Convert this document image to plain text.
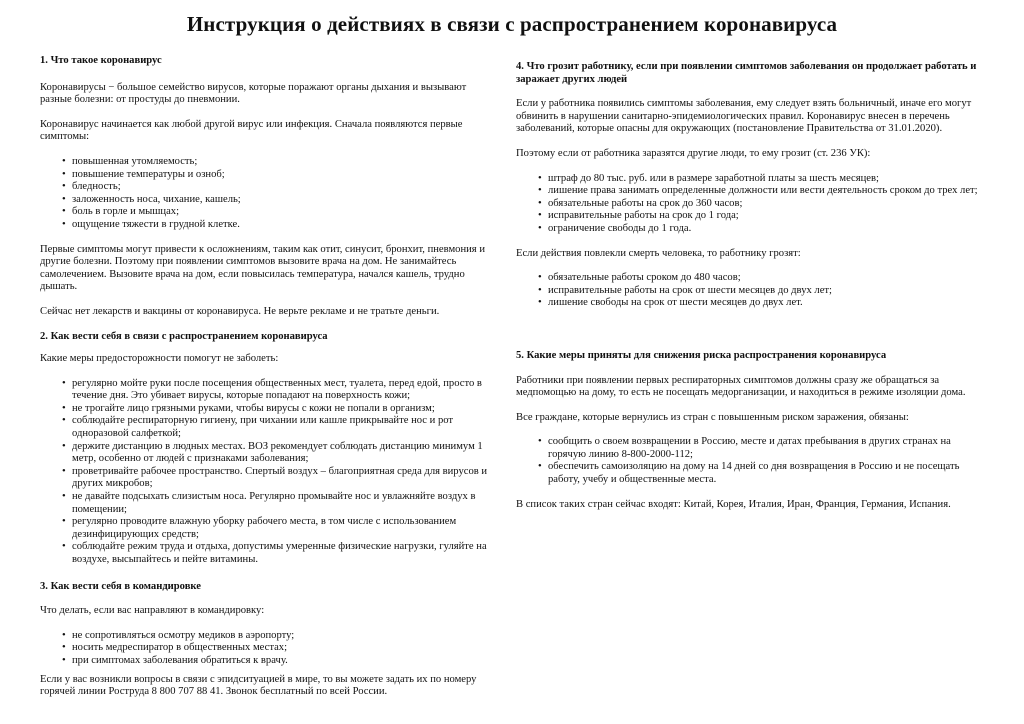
Инструкция о действиях в связи с распространением коронавируса
1. Что такое коронавирус

Коронавирусы − большое семейство вирусов, которые поражают органы дыхания и вызывают разные болезни: от простуды до пневмонии.

Коронавирус начинается как любой другой вирус или инфекция. Сначала появляются первые симптомы:

• повышенная утомляемость;
• повышение температуры и озноб;
• бледность;
• заложенность носа, чихание, кашель;
• боль в горле и мышцах;
• ощущение тяжести в грудной клетке.

Первые симптомы могут привести к осложнениям, таким как отит, синусит, бронхит, пневмония и другие болезни. Поэтому при появлении симптомов вызовите врача на дом. Не занимайтесь самолечением. Вызовите врача на дом, если повысилась температура, начался кашель, трудно дышать.

Сейчас нет лекарств и вакцины от коронавируса. Не верьте рекламе и не тратьте деньги.

2. Как вести себя в связи с распространением коронавируса

Какие меры предосторожности помогут не заболеть:

• регулярно мойте руки после посещения общественных мест, туалета, перед едой, просто в течение дня. Это убивает вирусы, которые попадают на поверхность кожи;
• не трогайте лицо грязными руками, чтобы вирусы с кожи не попали в организм;
• соблюдайте респираторную гигиену, при чихании или кашле прикрывайте нос и рот одноразовой салфеткой;
• держите дистанцию в людных местах. ВОЗ рекомендует соблюдать дистанцию минимум 1 метр, особенно от людей с признаками заболевания;
• проветривайте рабочее пространство. Спертый воздух – благоприятная среда для вирусов и других микробов;
• не давайте подсыхать слизистым носа. Регулярно промывайте нос и увлажняйте воздух в помещении;
• регулярно проводите влажную уборку рабочего места, в том числе с использованием дезинфицирующих средств;
• соблюдайте режим труда и отдыха, допустимы умеренные физические нагрузки, гуляйте на воздухе, высыпайтесь и пейте витамины.
3. Как вести себя в командировке

Что делать, если вас направляют в командировку:

• не сопротивляться осмотру медиков в аэропорту;
• носить медреспиратор в общественных местах;
• при симптомах заболевания обратиться к врачу.

Если у вас возникли вопросы в связи с эпидситуацией в мире, то вы можете задать их по номеру горячей линии Роструда 8 800 707 88 41. Звонок бесплатный по всей России.

4. Что грозит работнику, если при появлении симптомов заболевания он продолжает работать и заражает других людей

Если у работника появились симптомы заболевания, ему следует взять больничный, иначе его могут обвинить в нарушении санитарно-эпидемиологических правил. Коронавирус внесен в перечень заболеваний, которые опасны для окружающих (постановление Правительства от 31.01.2020).

Поэтому если от работника заразятся другие люди, то ему грозит (ст. 236 УК):

• штраф до 80 тыс. руб. или в размере заработной платы за шесть месяцев;
• лишение права занимать определенные должности или вести деятельность сроком до трех лет;
• обязательные работы на срок до 360 часов;
• исправительные работы на срок до 1 года;
• ограничение свободы до 1 года.

Если действия повлекли смерть человека, то работнику грозят:

• обязательные работы сроком до 480 часов;
• исправительные работы на срок от шести месяцев до двух лет;
• лишение свободы на срок от шести месяцев до двух лет.
5. Какие меры приняты для снижения риска распространения коронавируса

Работники при появлении первых респираторных симптомов должны сразу же обращаться за медпомощью на дому, то есть не посещать медорганизации, и находиться в режиме изоляции дома.

Все граждане, которые вернулись из стран с повышенным риском заражения, обязаны:

• сообщить о своем возвращении в Россию, месте и датах пребывания в других странах на горячую линию 8-800-2000-112;
• обеспечить самоизоляцию на дому на 14 дней со дня возвращения в Россию и не посещать работу, учебу и общественные места.

В список таких стран сейчас входят: Китай, Корея, Италия, Иран, Франция, Германия, Испания.
